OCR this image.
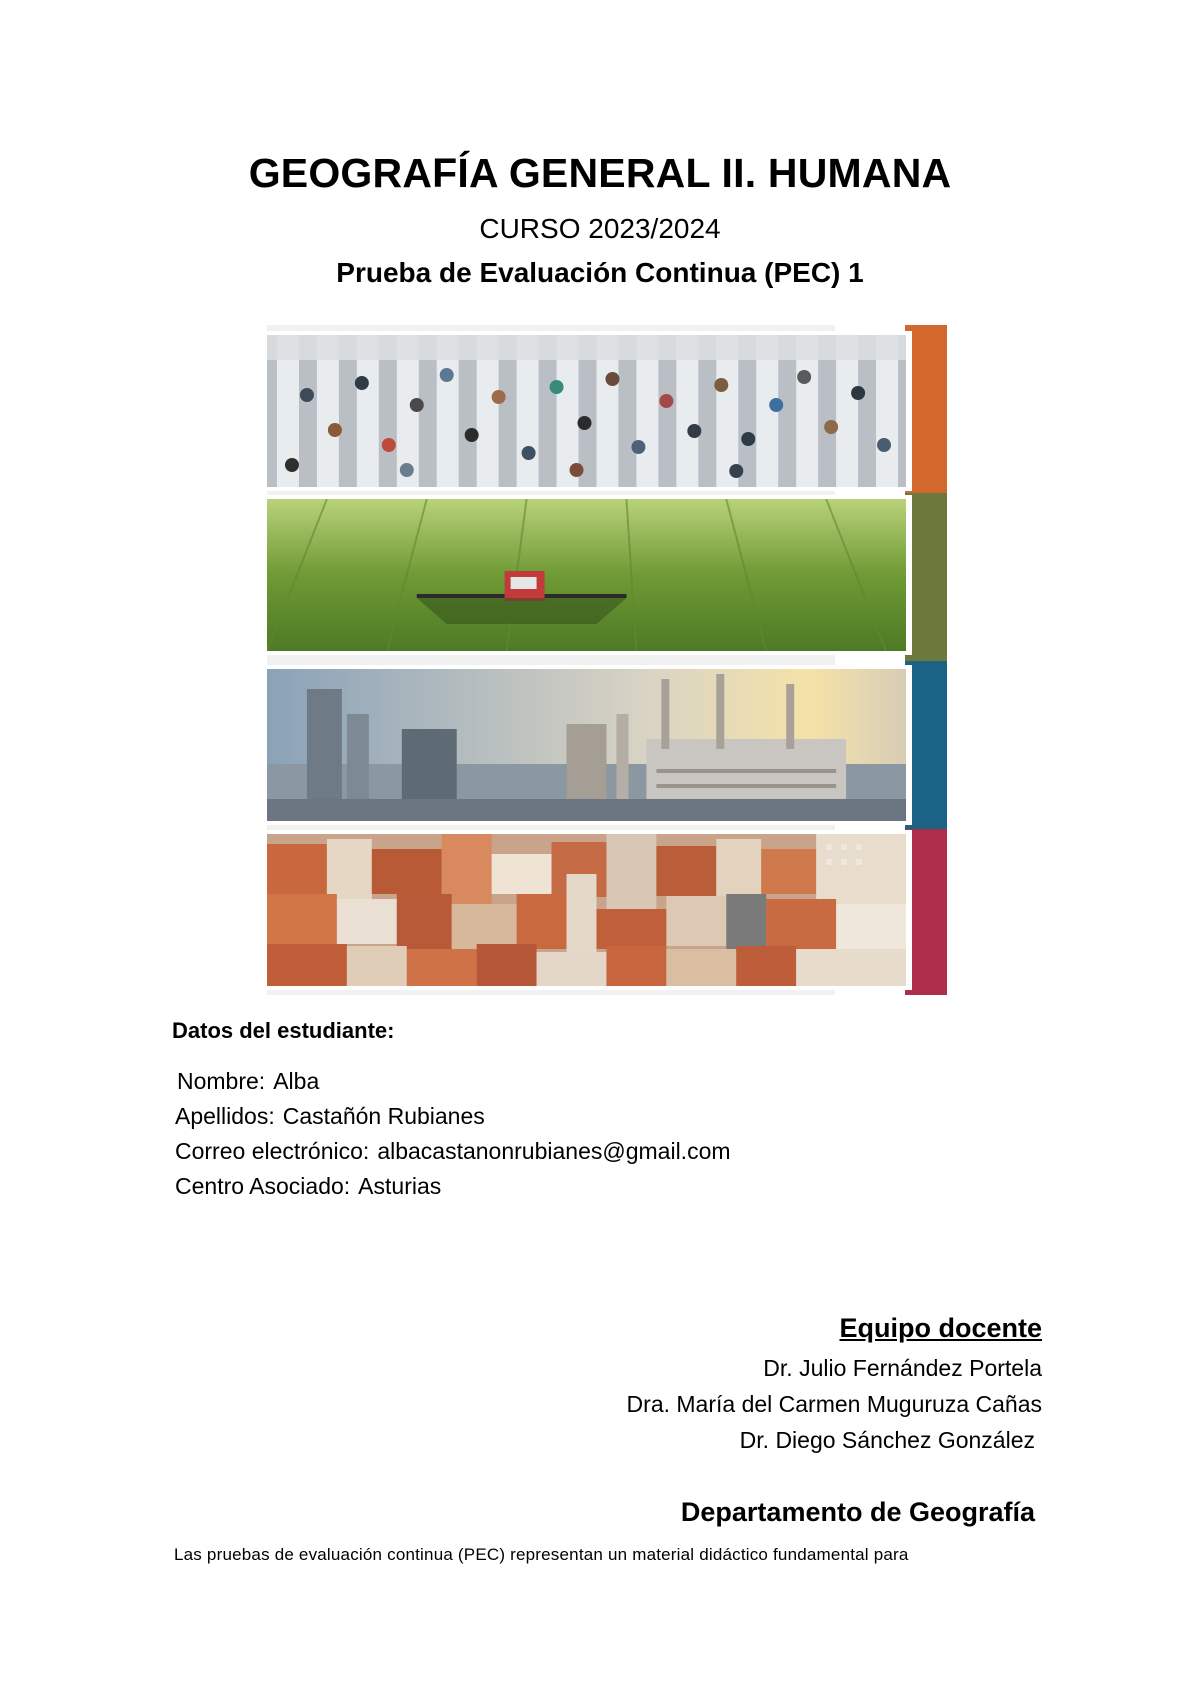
GEOGRAFÍA GENERAL II. HUMANA
CURSO 2023/2024
Prueba de Evaluación Continua (PEC) 1
Datos del estudiante:
Nombre: Alba
Apellidos: Castañón Rubianes
Correo electrónico: albacastanonrubianes@gmail.com
Centro Asociado: Asturias
Equipo docente
Dr. Julio Fernández Portela
Dra. María del Carmen Muguruza Cañas
Dr. Diego Sánchez González
Departamento de Geografía
Las pruebas de evaluación continua (PEC) representan un material didáctico fundamental para
